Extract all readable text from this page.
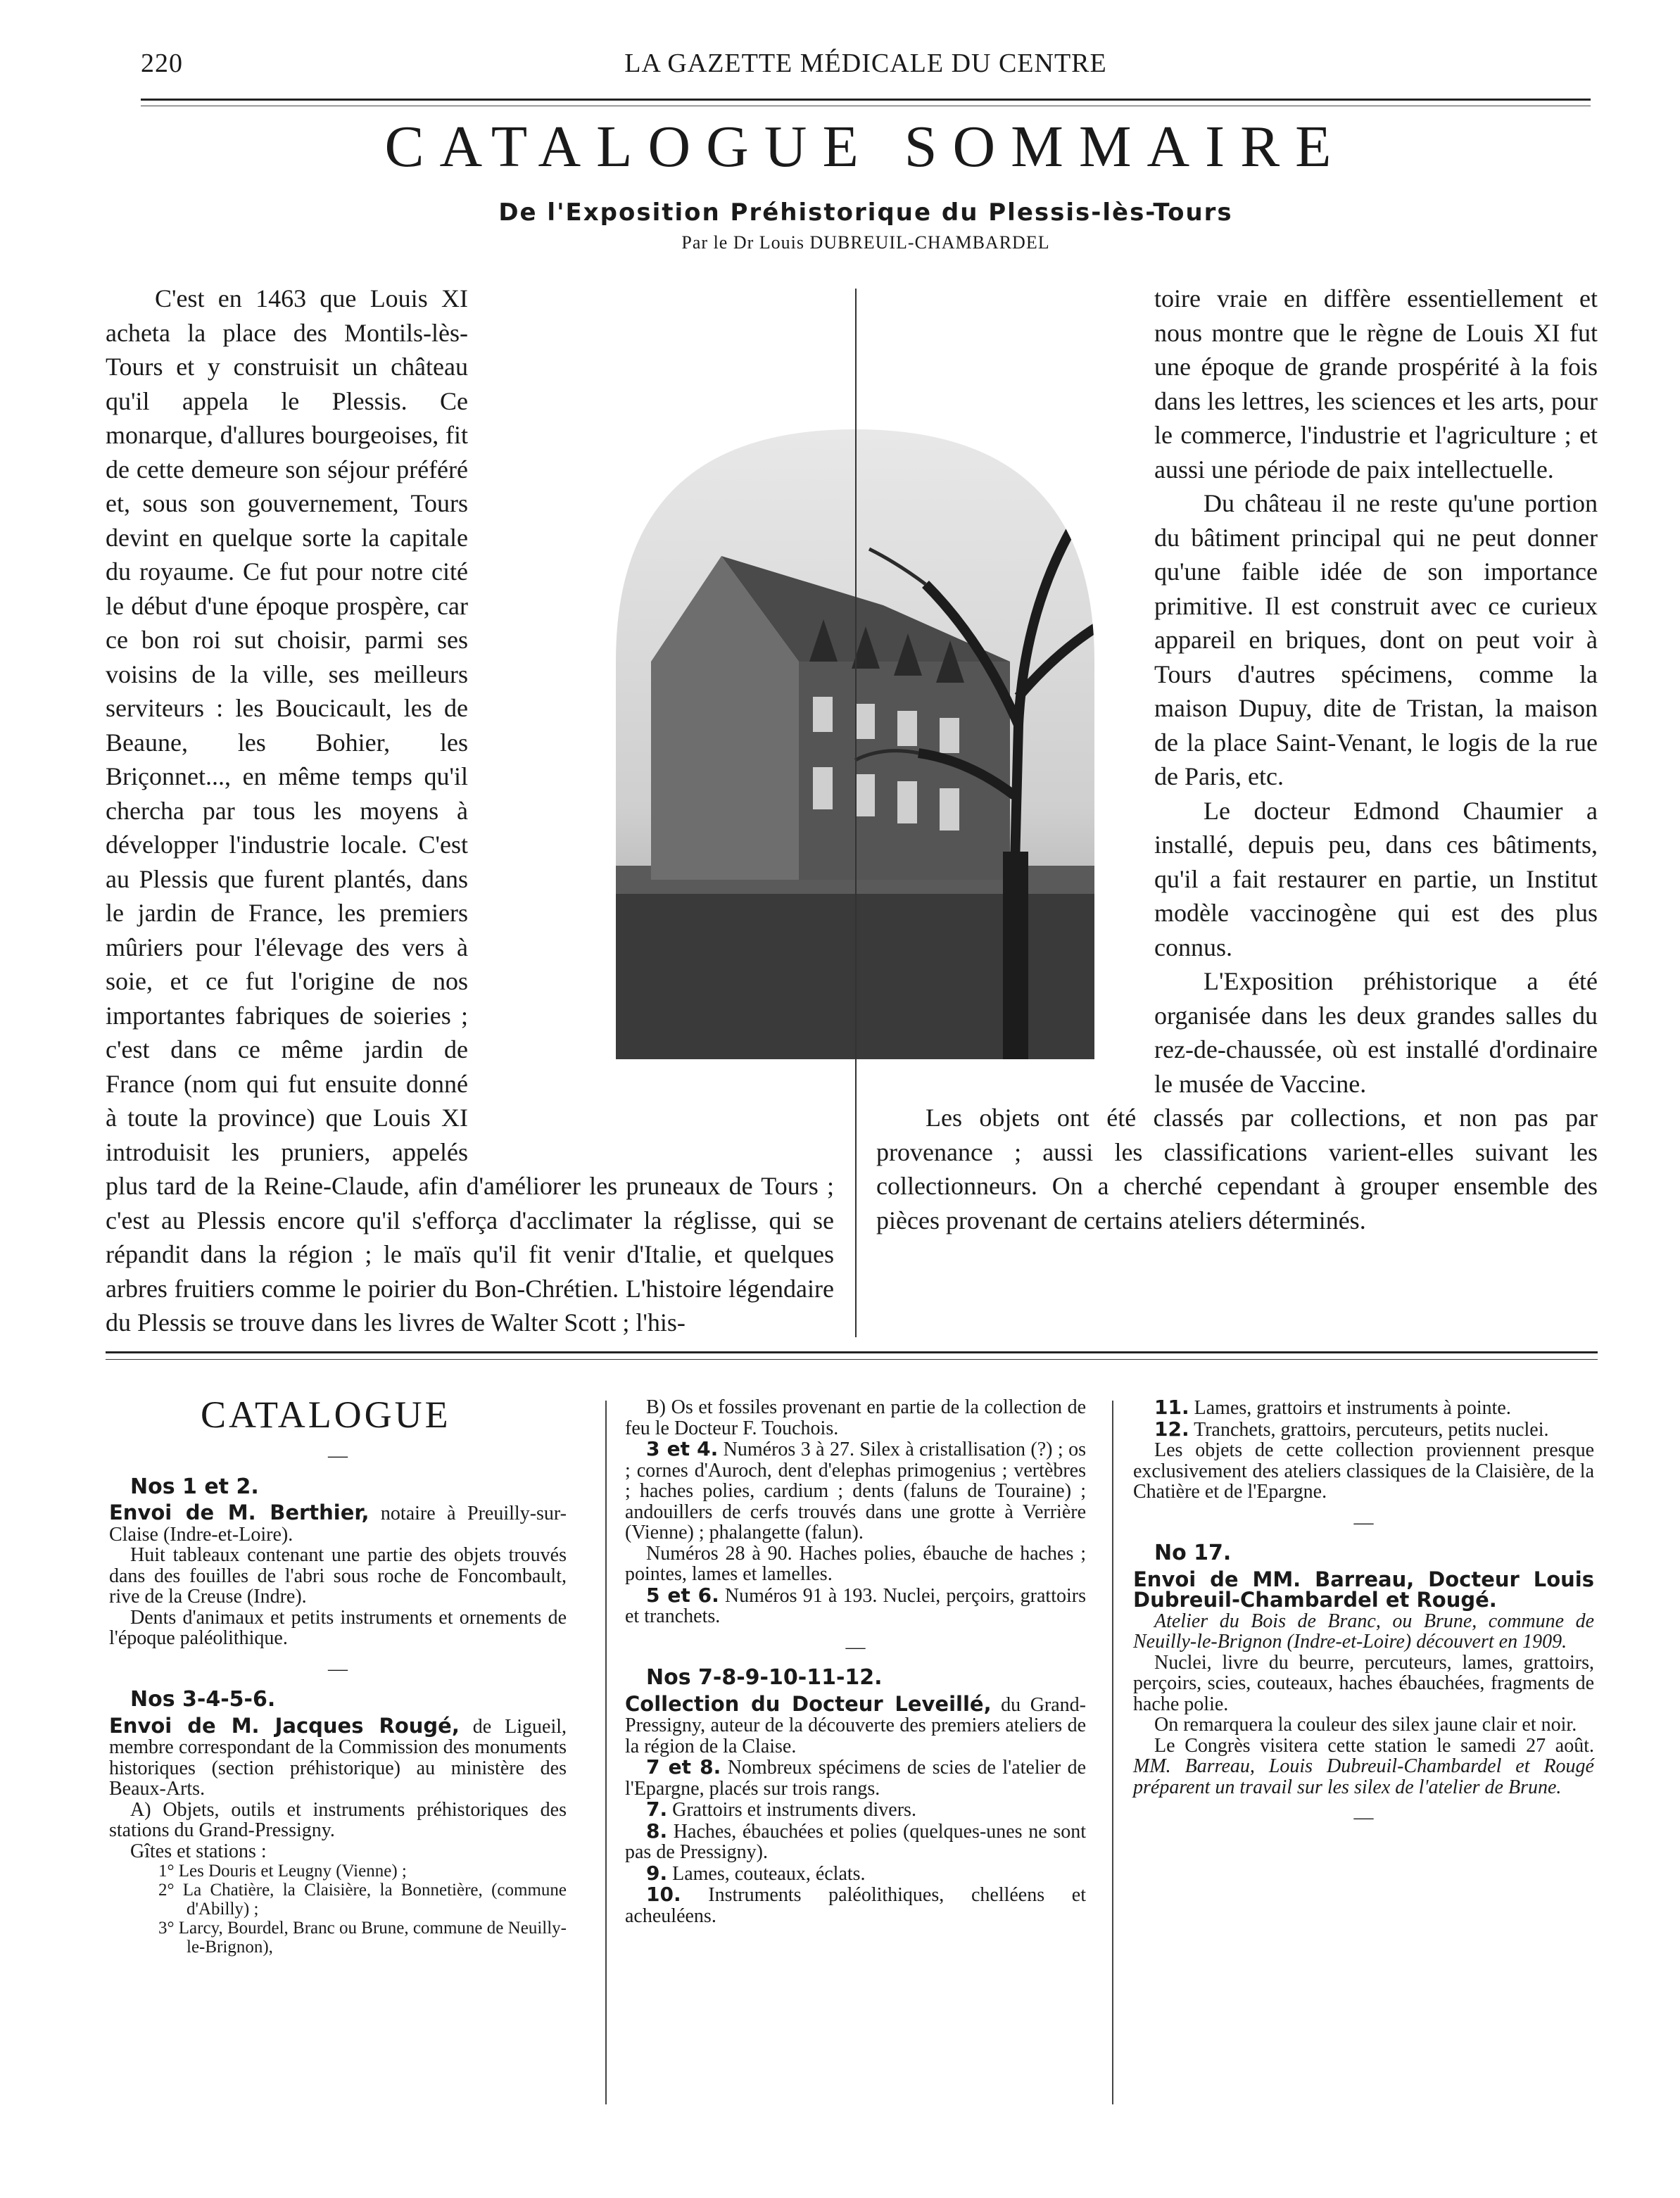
220	LA GAZETTE MÉDICALE DU CENTRE
CATALOGUE SOMMAIRE
De l'Exposition Préhistorique du Plessis-lès-Tours
Par le Dr Louis DUBREUIL-CHAMBARDEL

C'est en 1463 que Louis XI acheta la place des Montils-lès-Tours et y construisit un château qu'il appela le Plessis. Ce monarque, d'allures bourgeoises, fit de cette demeure son séjour préféré et, sous son gouvernement, Tours devint en quelque sorte la capitale du royaume. Ce fut pour notre cité le début d'une époque prospère, car ce bon roi sut choisir, parmi ses voisins de la ville, ses meilleurs serviteurs : les Boucicault, les de Beaune, les Bohier, les Briçonnet..., en même temps qu'il chercha par tous les moyens à développer l'industrie locale. C'est au Plessis que furent plantés, dans le jardin de France, les premiers mûriers pour l'élevage des vers à soie, et ce fut l'origine de nos importantes fabriques de soieries ; c'est dans ce même jardin de France (nom qui fut ensuite donné à toute la province) que Louis XI introduisit les pruniers, appelés plus tard de la Reine-Claude, afin d'améliorer les pruneaux de Tours ; c'est au Plessis encore qu'il s'efforça d'acclimater la réglisse, qui se répandit dans la région ; le maïs qu'il fit venir d'Italie, et quelques arbres fruitiers comme le poirier du Bon-Chrétien. L'histoire légendaire du Plessis se trouve dans les livres de Walter Scott ; l'his-

toire vraie en diffère essentiellement et nous montre que le règne de Louis XI fut une époque de grande prospérité à la fois dans les lettres, les sciences et les arts, pour le commerce, l'industrie et l'agriculture ; et aussi une période de paix intellectuelle.

Du château il ne reste qu'une portion du bâtiment principal qui ne peut donner qu'une faible idée de son importance primitive. Il est construit avec ce curieux appareil en briques, dont on peut voir à Tours d'autres spécimens, comme la maison Dupuy, dite de Tristan, la maison de la place Saint-Venant, le logis de la rue de Paris, etc.

Le docteur Edmond Chaumier a installé, depuis peu, dans ces bâtiments, qu'il a fait restaurer en partie, un Institut modèle vaccinogène qui est des plus connus.

L'Exposition préhistorique a été organisée dans les deux grandes salles du rez-de-chaussée, où est installé d'ordinaire le musée de Vaccine.

Les objets ont été classés par collections, et non pas par provenance ; aussi les classifications varient-elles suivant les collectionneurs. On a cherché cependant à grouper ensemble des pièces provenant de certains ateliers déterminés.

CATALOGUE
—
Nos 1 et 2.

Envoi de M. Berthier, notaire à Preuilly-sur-Claise (Indre-et-Loire).

Huit tableaux contenant une partie des objets trouvés dans des fouilles de l'abri sous roche de Foncombault, rive de la Creuse (Indre).

Dents d'animaux et petits instruments et ornements de l'époque paléolithique.

—
Nos 3-4-5-6.

Envoi de M. Jacques Rougé, de Ligueil, membre correspondant de la Commission des monuments historiques (section préhistorique) au ministère des Beaux-Arts.

A) Objets, outils et instruments préhistoriques des stations du Grand-Pressigny.

Gîtes et stations :

1° Les Douris et Leugny (Vienne) ;

2° La Chatière, la Claisière, la Bonnetière, (commune d'Abilly) ;

3° Larcy, Bourdel, Branc ou Brune, commune de Neuilly-le-Brignon),

B) Os et fossiles provenant en partie de la collection de feu le Docteur F. Touchois.

3 et 4. Numéros 3 à 27. Silex à cristallisation (?) ; os ; cornes d'Auroch, dent d'elephas primogenius ; vertèbres ; haches polies, cardium ; dents (faluns de Touraine) ; andouillers de cerfs trouvés dans une grotte à Verrière (Vienne) ; phalangette (falun).

Numéros 28 à 90. Haches polies, ébauche de haches ; pointes, lames et lamelles.

5 et 6. Numéros 91 à 193. Nuclei, perçoirs, grattoirs et tranchets.

—
Nos 7-8-9-10-11-12.

Collection du Docteur Leveillé, du Grand-Pressigny, auteur de la découverte des premiers ateliers de la région de la Claise.

7 et 8. Nombreux spécimens de scies de l'atelier de l'Epargne, placés sur trois rangs.

7. Grattoirs et instruments divers.

8. Haches, ébauchées et polies (quelques-unes ne sont pas de Pressigny).

9. Lames, couteaux, éclats.

10. Instruments paléolithiques, chelléens et acheuléens.

11. Lames, grattoirs et instruments à pointe.

12. Tranchets, grattoirs, percuteurs, petits nuclei.

Les objets de cette collection proviennent presque exclusivement des ateliers classiques de la Claisière, de la Chatière et de l'Epargne.

—
No 17.

Envoi de MM. Barreau, Docteur Louis Dubreuil-Chambardel et Rougé.

Atelier du Bois de Branc, ou Brune, commune de Neuilly-le-Brignon (Indre-et-Loire) découvert en 1909.

Nuclei, livre du beurre, percuteurs, lames, grattoirs, perçoirs, scies, couteaux, haches ébauchées, fragments de hache polie.

On remarquera la couleur des silex jaune clair et noir.

Le Congrès visitera cette station le samedi 27 août. MM. Barreau, Louis Dubreuil-Chambardel et Rougé préparent un travail sur les silex de l'atelier de Brune.

—
